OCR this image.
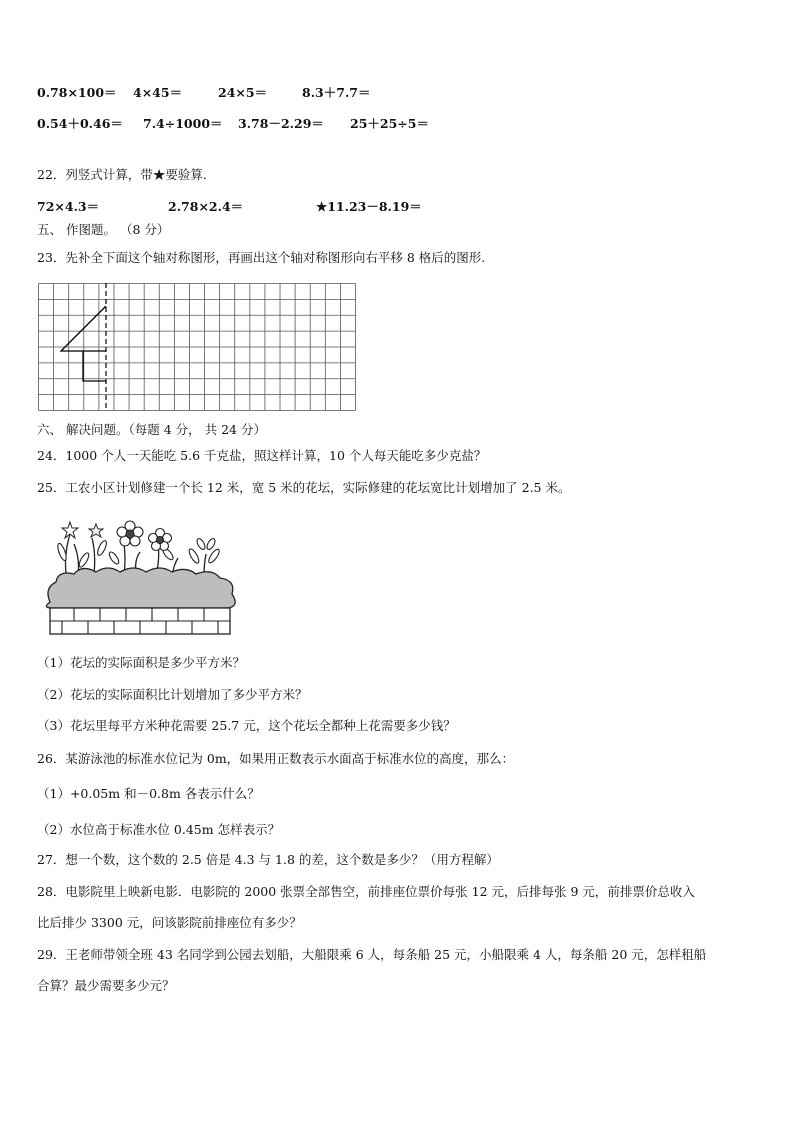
0.78×100＝ 4×45＝	24×5＝	8.3＋7.7＝
0.54＋0.46＝ 7.4÷1000＝ 3.78－2.29＝ 25＋25÷5＝
22．列竖式计算，带★要验算．
72×4.3＝	2.78×2.4＝	★11.23－8.19＝
五、 作图题。 （8 分）
23．先补全下面这个轴对称图形，再画出这个轴对称图形向右平移 8 格后的图形.
六、 解决问题。（每题 4 分， 共 24 分）
24．1000 个人一天能吃 5.6 千克盐，照这样计算，10 个人每天能吃多少克盐？
25．工农小区计划修建一个长 12 米，宽 5 米的花坛，实际修建的花坛宽比计划增加了 2.5 米。
（1）花坛的实际面积是多少平方米？
（2）花坛的实际面积比计划增加了多少平方米？
（3）花坛里每平方米种花需要 25.7 元，这个花坛全都种上花需要多少钱？
26．某游泳池的标准水位记为 0m，如果用正数表示水面高于标准水位的高度，那么：
（1）+0.05m 和－0.8m 各表示什么？
（2）水位高于标准水位 0.45m 怎样表示？
27．想一个数，这个数的 2.5 倍是 4.3 与 1.8 的差，这个数是多少？（用方程解）
28．电影院里上映新电影．电影院的 2000 张票全部售空，前排座位票价每张 12 元，后排每张 9 元，前排票价总收入
比后排少 3300 元，问该影院前排座位有多少？
29．王老师带领全班 43 名同学到公园去划船，大船限乘 6 人，每条船 25 元，小船限乘 4 人，每条船 20 元，怎样租船
合算？最少需要多少元？
